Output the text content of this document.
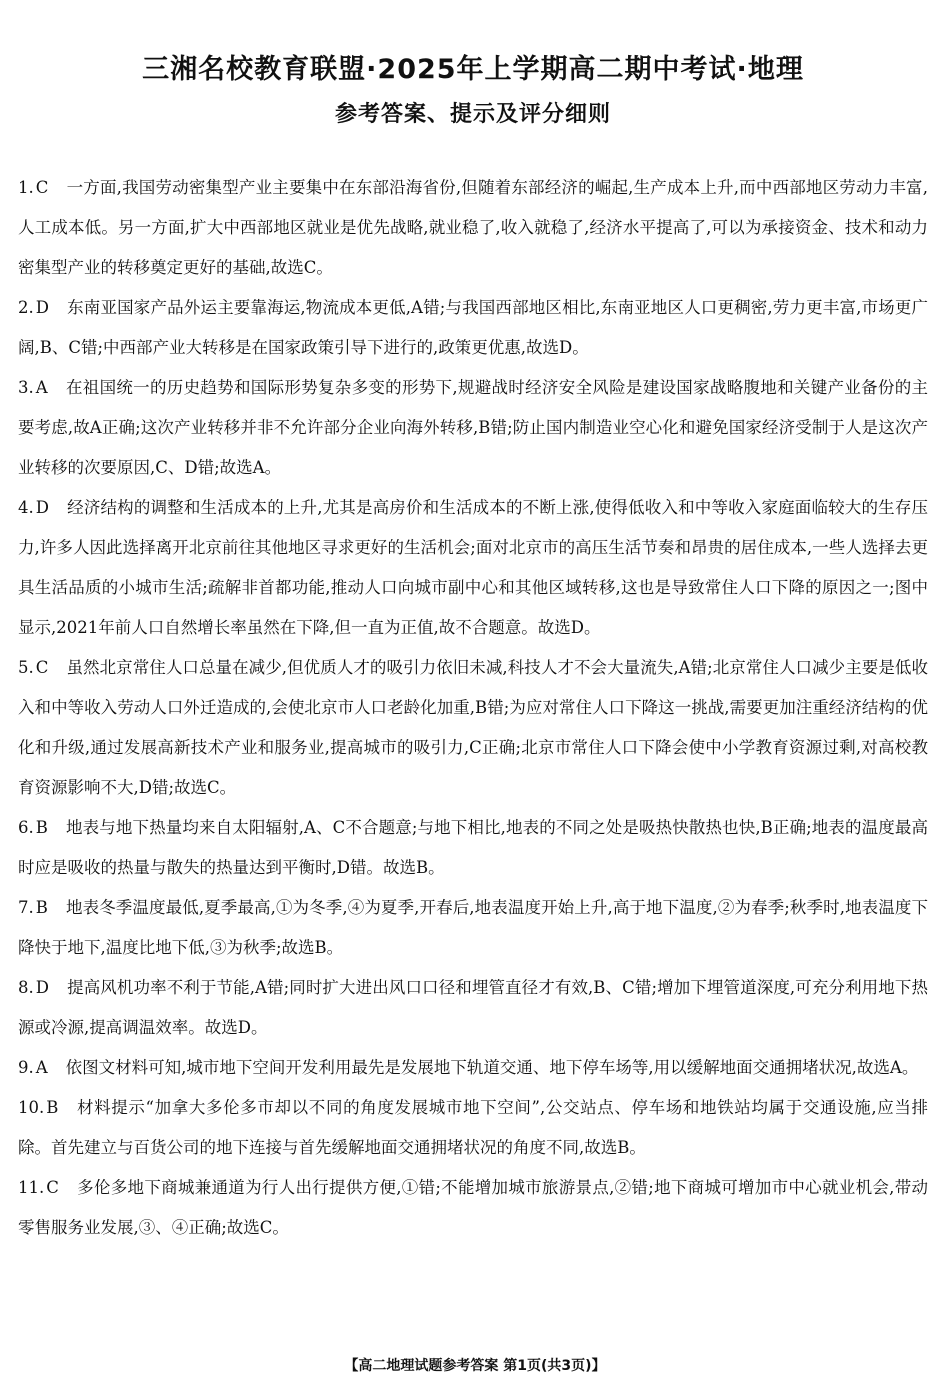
三湘名校教育联盟·2025年上学期高二期中考试·地理
参考答案、提示及评分细则

1. C 一方面,我国劳动密集型产业主要集中在东部沿海省份,但随着东部经济的崛起,生产成本上升,而中西部地区劳动力丰富,人工成本低。另一方面,扩大中西部地区就业是优先战略,就业稳了,收入就稳了,经济水平提高了,可以为承接资金、技术和动力密集型产业的转移奠定更好的基础,故选C。

2. D 东南亚国家产品外运主要靠海运,物流成本更低,A错;与我国西部地区相比,东南亚地区人口更稠密,劳力更丰富,市场更广阔,B、C错;中西部产业大转移是在国家政策引导下进行的,政策更优惠,故选D。

3. A 在祖国统一的历史趋势和国际形势复杂多变的形势下,规避战时经济安全风险是建设国家战略腹地和关键产业备份的主要考虑,故A正确;这次产业转移并非不允许部分企业向海外转移,B错;防止国内制造业空心化和避免国家经济受制于人是这次产业转移的次要原因,C、D错;故选A。

4. D 经济结构的调整和生活成本的上升,尤其是高房价和生活成本的不断上涨,使得低收入和中等收入家庭面临较大的生存压力,许多人因此选择离开北京前往其他地区寻求更好的生活机会;面对北京市的高压生活节奏和昂贵的居住成本,一些人选择去更具生活品质的小城市生活;疏解非首都功能,推动人口向城市副中心和其他区域转移,这也是导致常住人口下降的原因之一;图中显示,2021年前人口自然增长率虽然在下降,但一直为正值,故不合题意。故选D。

5. C 虽然北京常住人口总量在减少,但优质人才的吸引力依旧未减,科技人才不会大量流失,A错;北京常住人口减少主要是低收入和中等收入劳动人口外迁造成的,会使北京市人口老龄化加重,B错;为应对常住人口下降这一挑战,需要更加注重经济结构的优化和升级,通过发展高新技术产业和服务业,提高城市的吸引力,C正确;北京市常住人口下降会使中小学教育资源过剩,对高校教育资源影响不大,D错;故选C。

6. B 地表与地下热量均来自太阳辐射,A、C不合题意;与地下相比,地表的不同之处是吸热快散热也快,B正确;地表的温度最高时应是吸收的热量与散失的热量达到平衡时,D错。故选B。

7. B 地表冬季温度最低,夏季最高,①为冬季,④为夏季,开春后,地表温度开始上升,高于地下温度,②为春季;秋季时,地表温度下降快于地下,温度比地下低,③为秋季;故选B。

8. D 提高风机功率不利于节能,A错;同时扩大进出风口口径和埋管直径才有效,B、C错;增加下埋管道深度,可充分利用地下热源或冷源,提高调温效率。故选D。

9. A 依图文材料可知,城市地下空间开发利用最先是发展地下轨道交通、地下停车场等,用以缓解地面交通拥堵状况,故选A。

10. B 材料提示“加拿大多伦多市却以不同的角度发展城市地下空间”,公交站点、停车场和地铁站均属于交通设施,应当排除。首先建立与百货公司的地下连接与首先缓解地面交通拥堵状况的角度不同,故选B。

11. C 多伦多地下商城兼通道为行人出行提供方便,①错;不能增加城市旅游景点,②错;地下商城可增加市中心就业机会,带动零售服务业发展,③、④正确;故选C。

【高二地理试题参考答案 第1页(共3页)】
